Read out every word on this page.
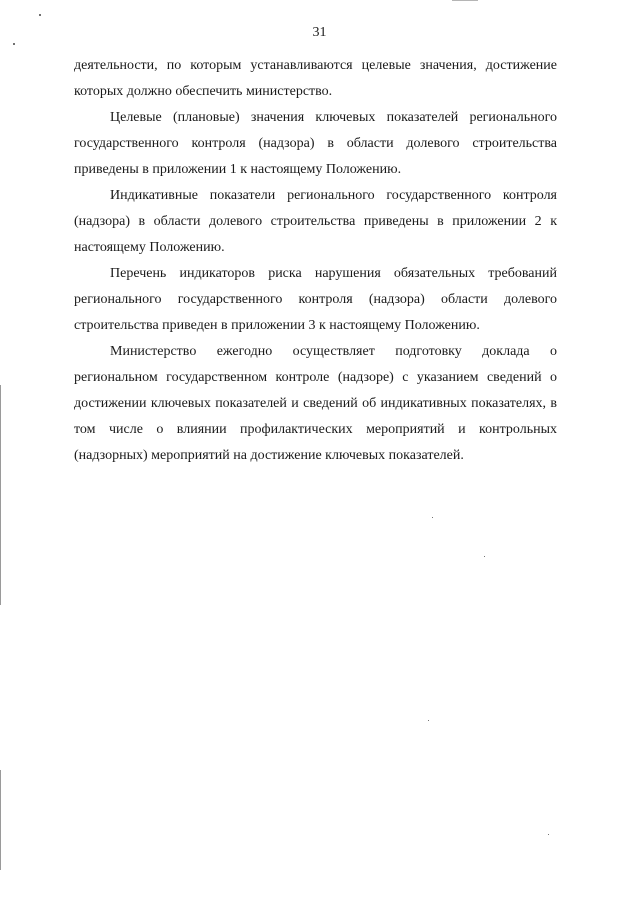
31

деятельности, по которым устанавливаются целевые значения, достижение которых должно обеспечить министерство.

Целевые (плановые) значения ключевых показателей регионального государственного контроля (надзора) в области долевого строительства приведены в приложении 1 к настоящему Положению.

Индикативные показатели регионального государственного контроля (надзора) в области долевого строительства приведены в приложении 2 к настоящему Положению.

Перечень индикаторов риска нарушения обязательных требований регионального государственного контроля (надзора) области долевого строительства приведен в приложении 3 к настоящему Положению.

Министерство ежегодно осуществляет подготовку доклада о региональном государственном контроле (надзоре) с указанием сведений о достижении ключевых показателей и сведений об индикативных показателях, в том числе о влиянии профилактических мероприятий и контрольных (надзорных) мероприятий на достижение ключевых показателей.
